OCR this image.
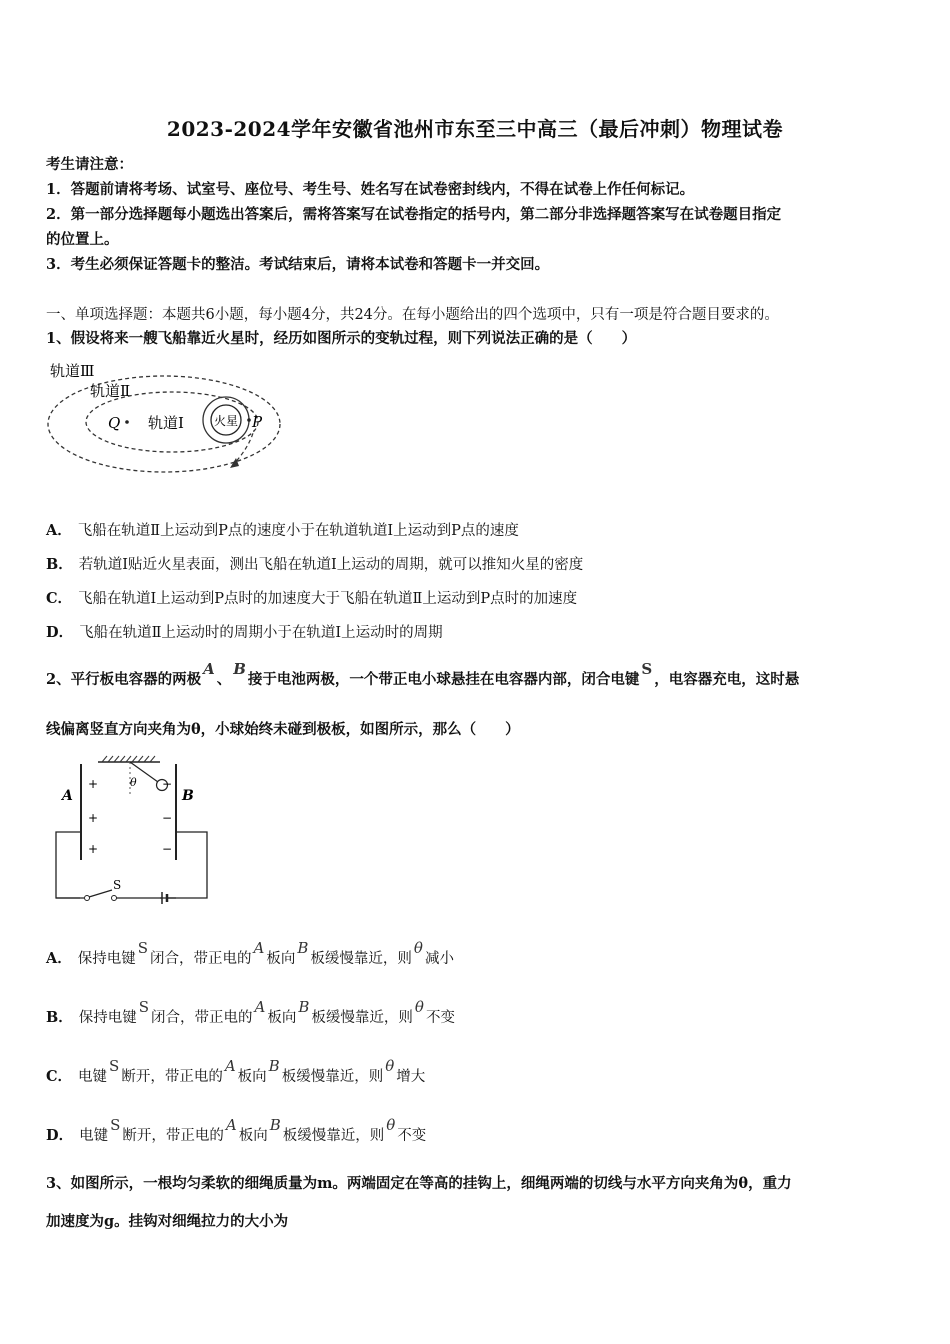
2023-2024学年安徽省池州市东至三中高三（最后冲刺）物理试卷
考生请注意：
1．答题前请将考场、试室号、座位号、考生号、姓名写在试卷密封线内，不得在试卷上作任何标记。
2．第一部分选择题每小题选出答案后，需将答案写在试卷指定的括号内，第二部分非选择题答案写在试卷题目指定
的位置上。
3．考生必须保证答题卡的整洁。考试结束后，请将本试卷和答题卡一并交回。
一、单项选择题：本题共6小题，每小题4分，共24分。在每小题给出的四个选项中，只有一项是符合题目要求的。
1、假设将来一艘飞船靠近火星时，经历如图所示的变轨过程，则下列说法正确的是（　　）
轨道Ⅲ
轨道Ⅱ
轨道Ⅰ
Q	P
火星
A． 飞船在轨道Ⅱ上运动到P点的速度小于在轨道轨道Ⅰ上运动到P点的速度
B． 若轨道I贴近火星表面，测出飞船在轨道I上运动的周期，就可以推知火星的密度
C． 飞船在轨道I上运动到P点时的加速度大于飞船在轨道Ⅱ上运动到P点时的加速度
D． 飞船在轨道Ⅱ上运动时的周期小于在轨道I上运动时的周期
2、平行板电容器的两极A、B接于电池两极，一个带正电小球悬挂在电容器内部，闭合电键S，电容器充电，这时悬
线偏离竖直方向夹角为θ，小球始终未碰到极板，如图所示，那么（　　）
A	B
+
+
+
−
−
−
θ
S
A． 保持电键S闭合，带正电的A板向B板缓慢靠近，则θ减小
B． 保持电键S闭合，带正电的A板向B板缓慢靠近，则θ不变
C． 电键S断开，带正电的A板向B板缓慢靠近，则θ增大
D． 电键S断开，带正电的A板向B板缓慢靠近，则θ不变
3、如图所示，一根均匀柔软的细绳质量为m。两端固定在等高的挂钩上，细绳两端的切线与水平方向夹角为θ，重力
加速度为g。挂钩对细绳拉力的大小为
